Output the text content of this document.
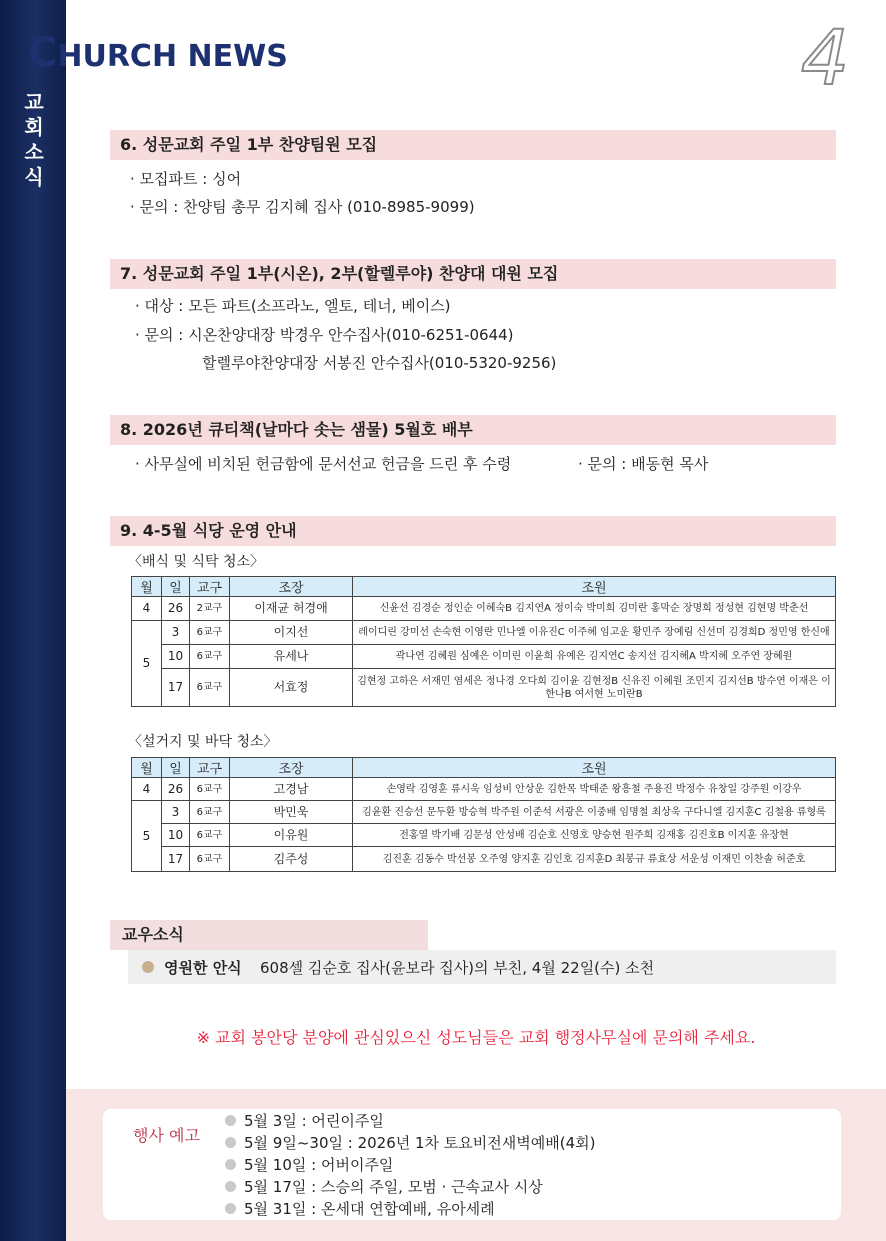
교회소식
CHURCH NEWS	4
6. 성문교회 주일 1부 찬양팀원 모집
· 모집파트 : 싱어
· 문의 : 찬양팀 총무 김지혜 집사 (010-8985-9099)
7. 성문교회 주일 1부(시온), 2부(할렐루야) 찬양대 대원 모집
· 대상 : 모든 파트(소프라노, 엘토, 테너, 베이스)
· 문의 : 시온찬양대장 박경우 안수집사(010-6251-0644)
할렐루야찬양대장 서봉진 안수집사(010-5320-9256)
8. 2026년 큐티책(날마다 솟는 샘물) 5월호 배부
· 사무실에 비치된 헌금함에 문서선교 헌금을 드린 후 수령	· 문의 : 배동현 목사
9. 4-5월 식당 운영 안내
〈배식 및 식탁 청소〉
월	일	교구	조장	조원
4	26	2교구	이재균 허경애	신윤선 김경순 정인순 이혜숙B 김지연A 정이숙 박미희 김미란 홍막순 장명희 정성현 김현명 박춘선
5	3	6교구	이지선	레이디린 강미선 손숙현 이영란 민나엘 이유진C 이주혜 임고운 황민주 장예림 신선미 김경희D 정민영 한신애
	10	6교구	유세나	곽나연 김혜원 심예은 이미린 이윤희 유예은 김지연C 송지선 김지혜A 박지혜 오주연 장혜원
	17	6교구	서효정	김현정 고하은 서재민 염세은 정나경 오다희 김이윤 김현정B 신유진 이혜원 조민지 김지선B 방수연 이재은 이한나B 여서현 노미란B
〈설거지 및 바닥 청소〉
월	일	교구	조장	조원
4	26	6교구	고경남	손영락 김영훈 류시욱 임성비 안상운 김한목 박태준 왕흥철 주용진 박정수 유창일 강주원 이강우
5	3	6교구	박민욱	김윤환 진승선 문두환 방승혁 박주원 이준석 서광은 이중배 임명철 최상욱 구다니엘 김지훈C 김철용 류형록
	10	6교구	이유원	전홍열 박기배 김문성 안성배 김순호 신영호 양승현 원주희 김재홍 김진호B 이지훈 유장현
	17	6교구	김주성	김진훈 김동수 박선봉 오주영 양지훈 김인호 김지훈D 최봉규 류효상 서운성 이재민 이찬솔 허준호
교우소식
영원한 안식 608셀 김순호 집사(윤보라 집사)의 부친, 4월 22일(수) 소천
※ 교회 봉안당 분양에 관심있으신 성도님들은 교회 행정사무실에 문의해 주세요.
행사 예고
5월 3일 : 어린이주일
5월 9일~30일 : 2026년 1차 토요비전새벽예배(4회)
5월 10일 : 어버이주일
5월 17일 : 스승의 주일, 모범 · 근속교사 시상
5월 31일 : 온세대 연합예배, 유아세례
